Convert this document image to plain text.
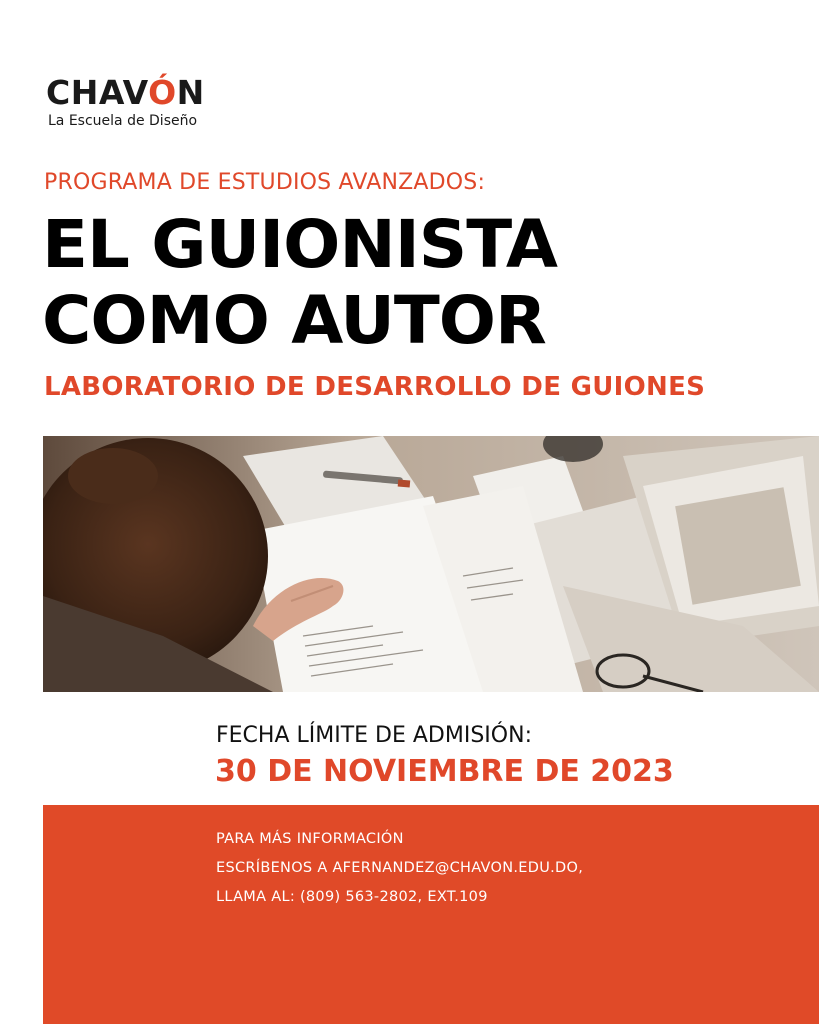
CHAVÓN
La Escuela de Diseño
PROGRAMA DE ESTUDIOS AVANZADOS:
EL GUIONISTA
COMO AUTOR
LABORATORIO DE DESARROLLO DE GUIONES
FECHA LÍMITE DE ADMISIÓN:
30 DE NOVIEMBRE DE 2023
PARA MÁS INFORMACIÓN
ESCRÍBENOS A AFERNANDEZ@CHAVON.EDU.DO,
LLAMA AL: (809) 563-2802, EXT.109
